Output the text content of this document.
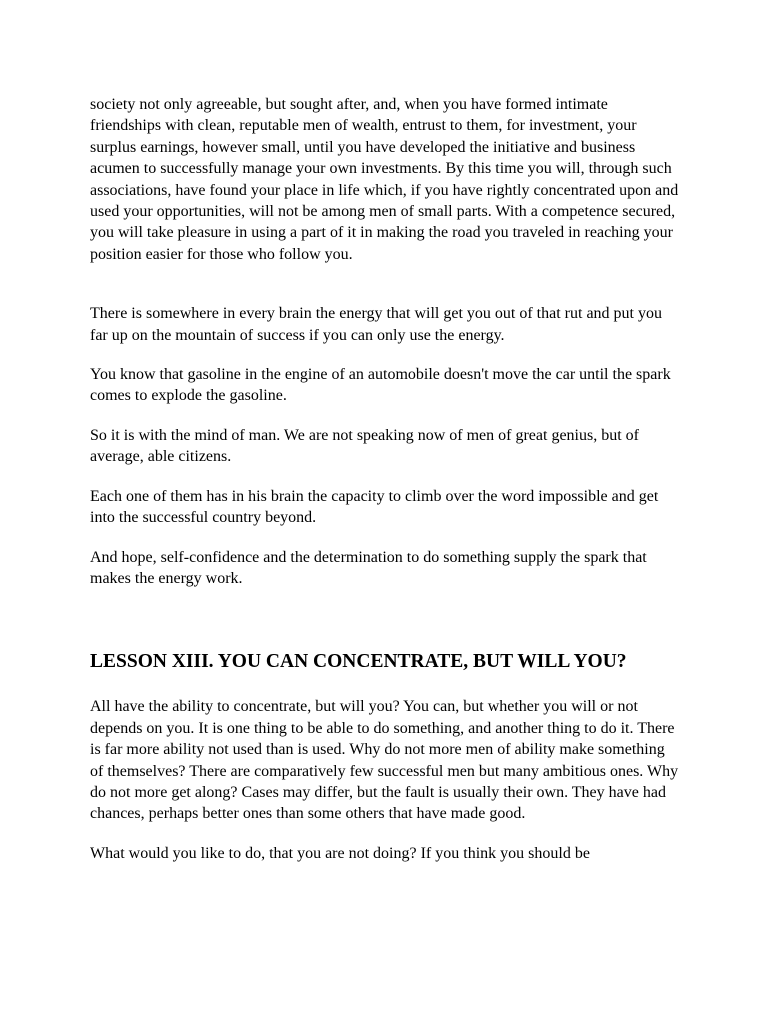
society not only agreeable, but sought after, and, when you have formed intimate friendships with clean, reputable men of wealth, entrust to them, for investment, your surplus earnings, however small, until you have developed the initiative and business acumen to successfully manage your own investments. By this time you will, through such associations, have found your place in life which, if you have rightly concentrated upon and used your opportunities, will not be among men of small parts. With a competence secured, you will take pleasure in using a part of it in making the road you traveled in reaching your position easier for those who follow you.

There is somewhere in every brain the energy that will get you out of that rut and put you far up on the mountain of success if you can only use the energy.

You know that gasoline in the engine of an automobile doesn't move the car until the spark comes to explode the gasoline.

So it is with the mind of man. We are not speaking now of men of great genius, but of average, able citizens.

Each one of them has in his brain the capacity to climb over the word impossible and get into the successful country beyond.

And hope, self-confidence and the determination to do something supply the spark that makes the energy work.

LESSON XIII. YOU CAN CONCENTRATE, BUT WILL YOU?

All have the ability to concentrate, but will you? You can, but whether you will or not depends on you. It is one thing to be able to do something, and another thing to do it. There is far more ability not used than is used. Why do not more men of ability make something of themselves? There are comparatively few successful men but many ambitious ones. Why do not more get along? Cases may differ, but the fault is usually their own. They have had chances, perhaps better ones than some others that have made good.

What would you like to do, that you are not doing? If you think you should be
